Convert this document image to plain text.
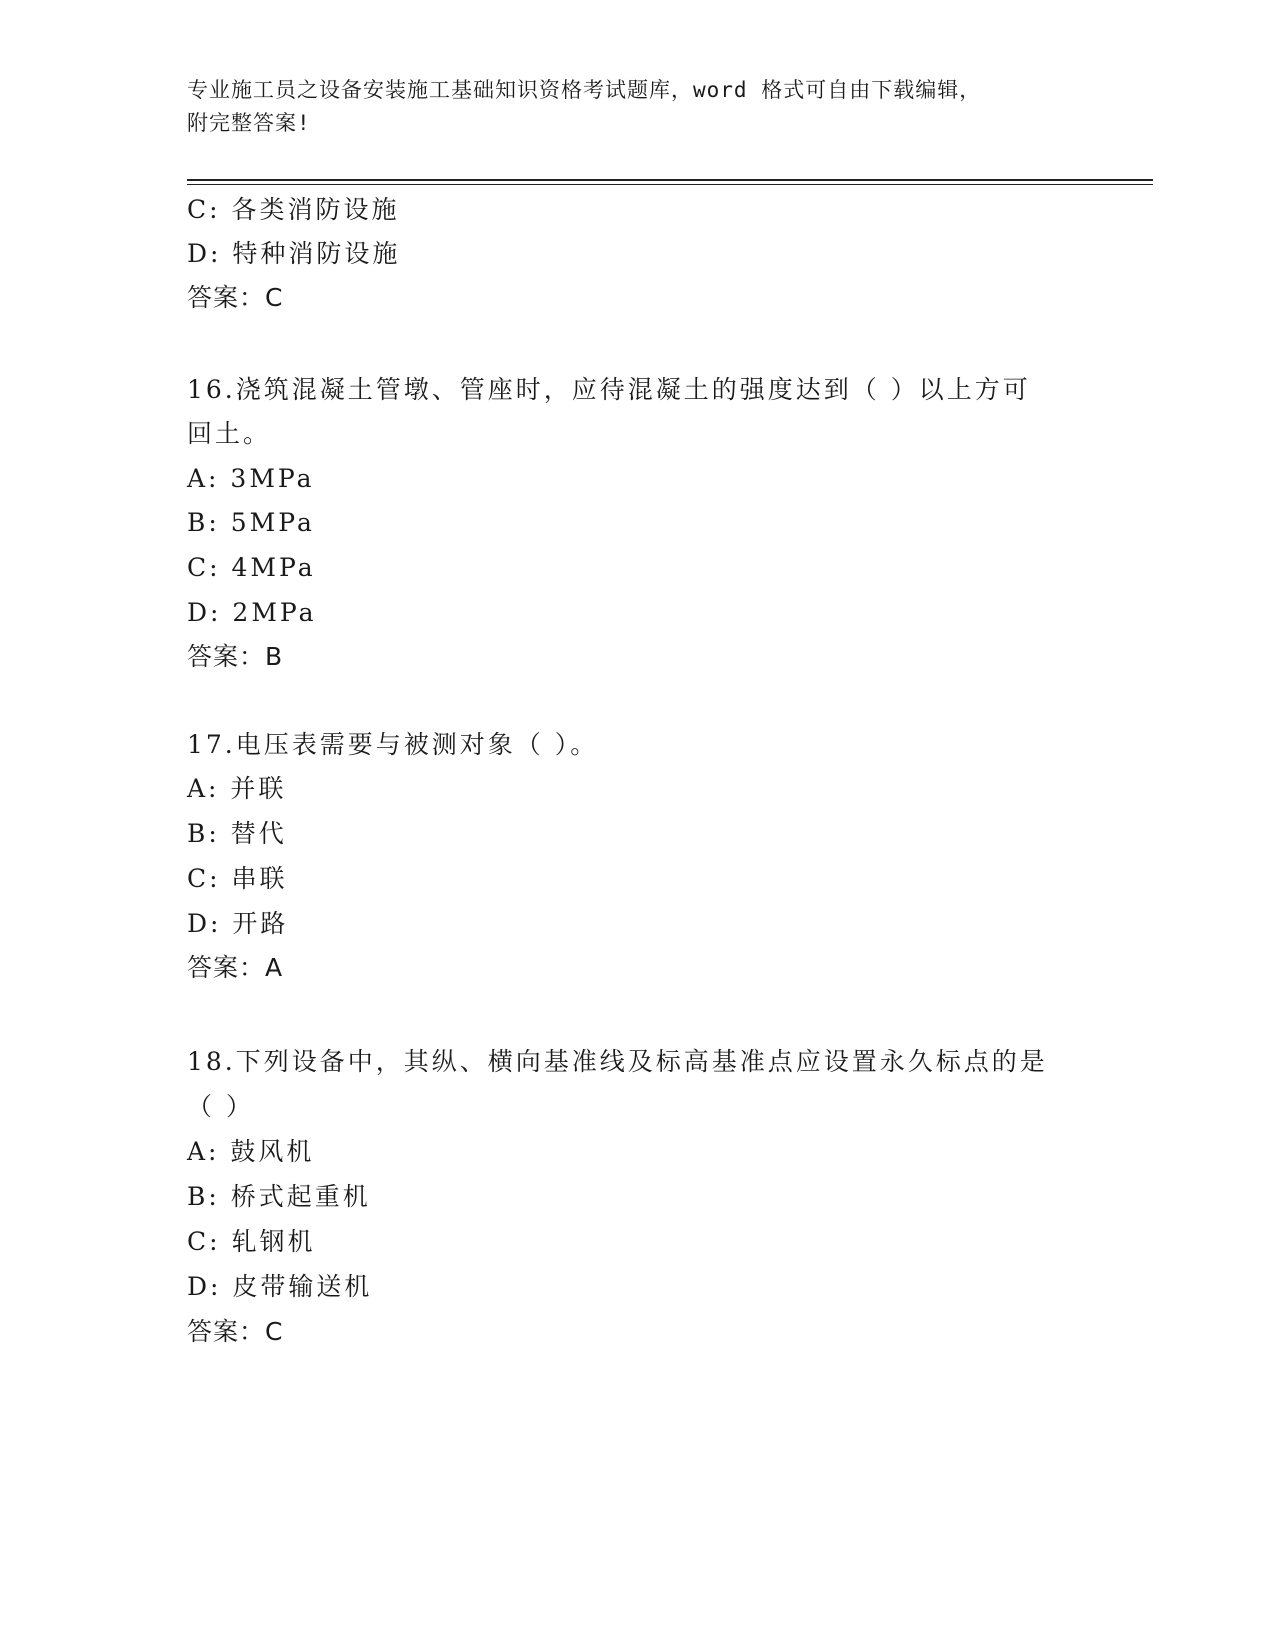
专业施工员之设备安装施工基础知识资格考试题库，word 格式可自由下载编辑，
附完整答案!
C: 各类消防设施
D: 特种消防设施
答案：C
16.浇筑混凝土管墩、管座时，应待混凝土的强度达到（ ）以上方可
回土。
A: 3MPa
B: 5MPa
C: 4MPa
D: 2MPa
答案：B
17.电压表需要与被测对象（ ）。
A: 并联
B: 替代
C: 串联
D: 开路
答案：A
18.下列设备中，其纵、横向基准线及标高基准点应设置永久标点的是
（ ）
A: 鼓风机
B: 桥式起重机
C: 轧钢机
D: 皮带输送机
答案：C
